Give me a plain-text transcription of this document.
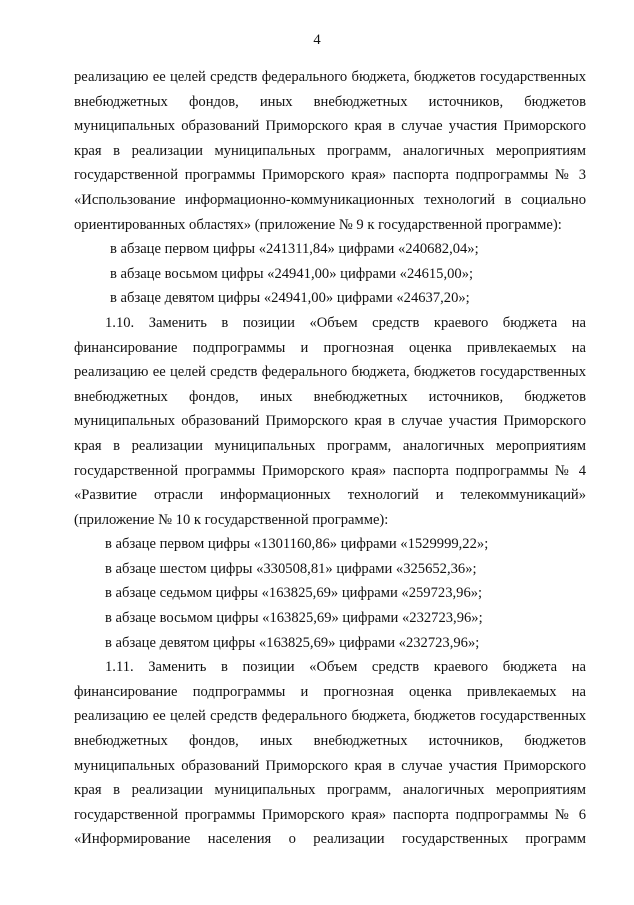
4
реализацию ее целей средств федерального бюджета, бюджетов государственных
внебюджетных фондов, иных внебюджетных источников, бюджетов
муниципальных образований Приморского края в случае участия Приморского
края в реализации муниципальных программ, аналогичных мероприятиям
государственной программы Приморского края» паспорта подпрограммы № 3
«Использование информационно-коммуникационных технологий в социально
ориентированных областях» (приложение № 9 к государственной программе):
в абзаце первом цифры «241311,84» цифрами «240682,04»;
в абзаце восьмом цифры «24941,00» цифрами «24615,00»;
в абзаце девятом цифры «24941,00» цифрами «24637,20»;
1.10. Заменить в позиции «Объем средств краевого бюджета на
финансирование подпрограммы и прогнозная оценка привлекаемых на
реализацию ее целей средств федерального бюджета, бюджетов государственных
внебюджетных фондов, иных внебюджетных источников, бюджетов
муниципальных образований Приморского края в случае участия Приморского
края в реализации муниципальных программ, аналогичных мероприятиям
государственной программы Приморского края» паспорта подпрограммы № 4
«Развитие отрасли информационных технологий и телекоммуникаций»
(приложение № 10 к государственной программе):
в абзаце первом цифры «1301160,86» цифрами «1529999,22»;
в абзаце шестом цифры «330508,81» цифрами «325652,36»;
в абзаце седьмом цифры «163825,69» цифрами «259723,96»;
в абзаце восьмом цифры «163825,69» цифрами «232723,96»;
в абзаце девятом цифры «163825,69» цифрами «232723,96»;
1.11. Заменить в позиции «Объем средств краевого бюджета на
финансирование подпрограммы и прогнозная оценка привлекаемых на
реализацию ее целей средств федерального бюджета, бюджетов государственных
внебюджетных фондов, иных внебюджетных источников, бюджетов
муниципальных образований Приморского края в случае участия Приморского
края в реализации муниципальных программ, аналогичных мероприятиям
государственной программы Приморского края» паспорта подпрограммы № 6
«Информирование населения о реализации государственных программ
